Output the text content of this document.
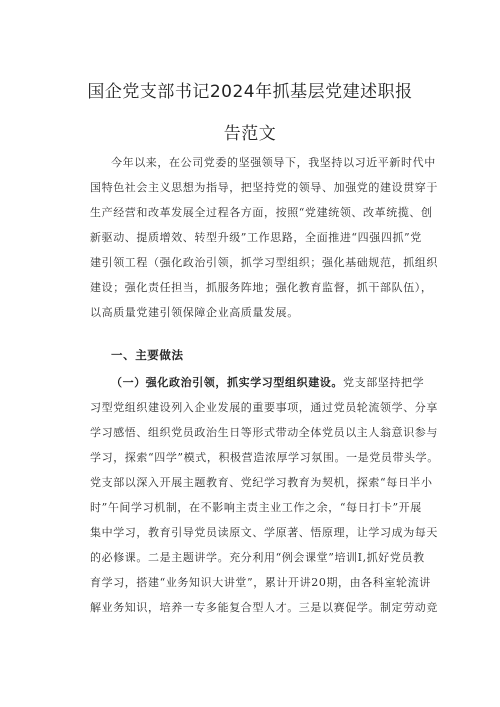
国企党支部书记2024年抓基层党建述职报
告范文
今年以来，在公司党委的坚强领导下，我坚持以习近平新时代中
国特色社会主义思想为指导，把坚持党的领导、加强党的建设贯穿于
生产经营和改革发展全过程各方面，按照“党建统领、改革统揽、创
新驱动、提质增效、转型升级”工作思路，全面推进“四强四抓”党
建引领工程（强化政治引领，抓学习型组织；强化基础规范，抓组织
建设；强化责任担当，抓服务阵地；强化教育监督，抓干部队伍），
以高质量党建引领保障企业高质量发展。
一、主要做法
（一）强化政治引领，抓实学习型组织建设。党支部坚持把学
习型党组织建设列入企业发展的重要事项，通过党员轮流领学、分享
学习感悟、组织党员政治生日等形式带动全体党员以主人翁意识参与
学习，探索“四学”模式，积极营造浓厚学习氛围。一是党员带头学。
党支部以深入开展主题教育、党纪学习教育为契机，探索“每日半小
时”午间学习机制，在不影响主责主业工作之余，“每日打卡”开展
集中学习，教育引导党员读原文、学原著、悟原理，让学习成为每天
的必修课。二是主题讲学。充分利用“例会课堂”培训I,抓好党员教
育学习，搭建“业务知识大讲堂”，累计开讲20期，由各科室轮流讲
解业务知识，培养一专多能复合型人才。三是以赛促学。制定劳动竞
